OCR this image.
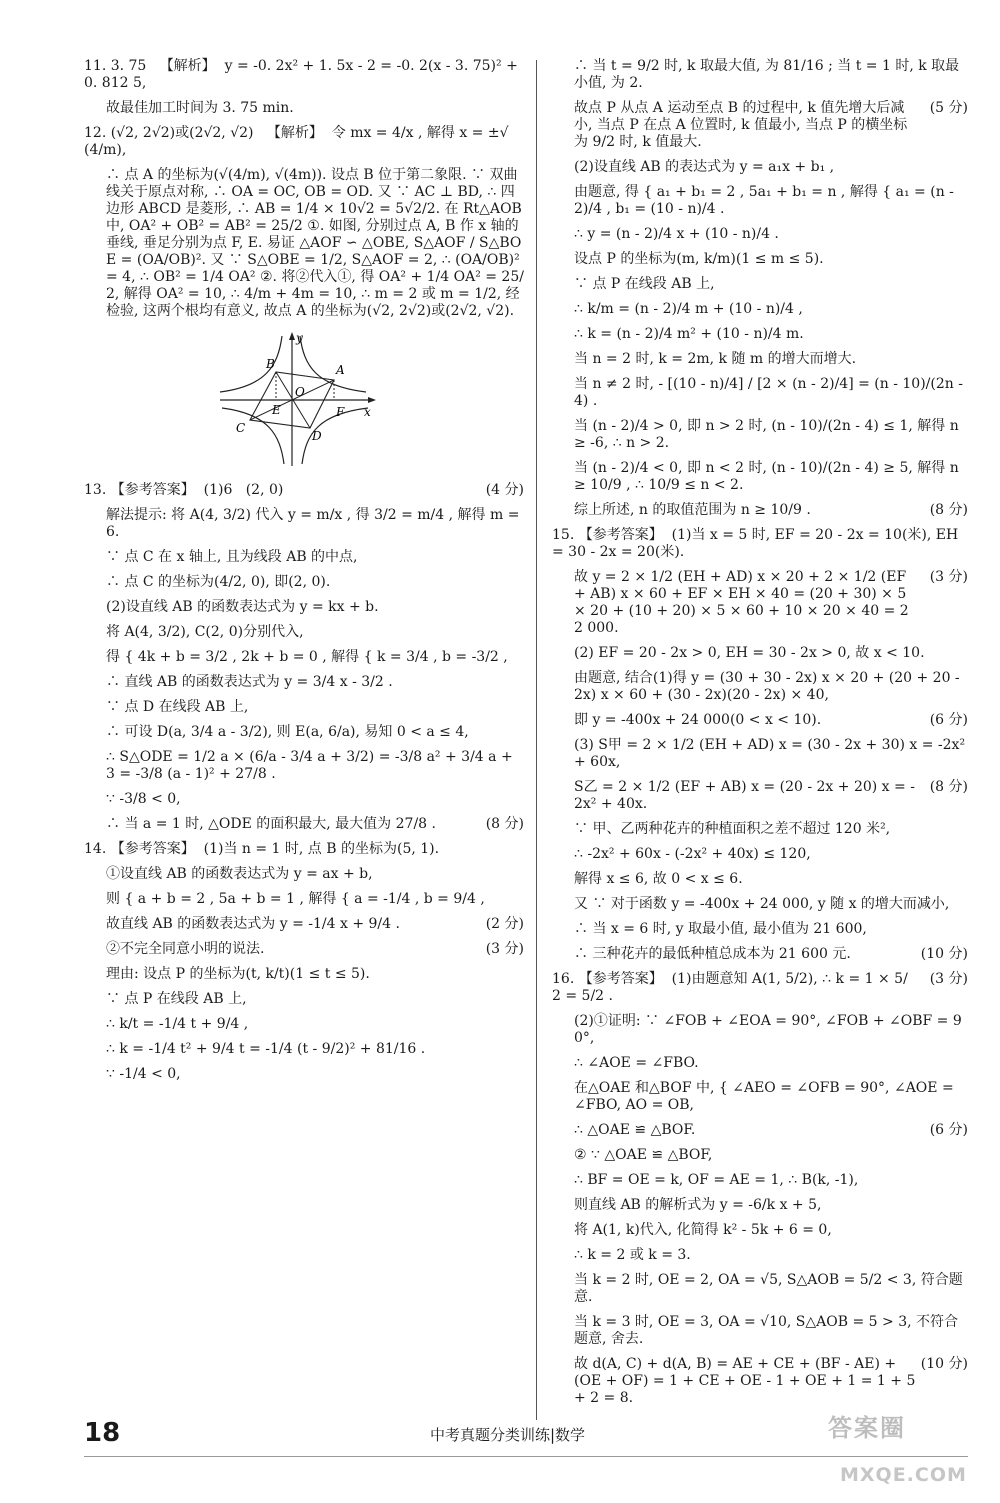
11. 3. 75   【解析】  y = -0. 2x² + 1. 5x - 2 = -0. 2(x - 3. 75)² + 0. 812 5,
故最佳加工时间为 3. 75 min.
12. (√2, 2√2)或(2√2, √2)   【解析】  令 mx = 4/x , 解得 x = ±√(4/m),
∴ 点 A 的坐标为(√(4/m), √(4m)). 设点 B 位于第二象限. ∵ 双曲线关于原点对称, ∴ OA = OC, OB = OD. 又 ∵ AC ⊥ BD, ∴ 四边形 ABCD 是菱形, ∴ AB = 1/4 × 10√2 = 5√2/2. 在 Rt△AOB 中, OA² + OB² = AB² = 25/2 ①. 如图, 分别过点 A, B 作 x 轴的垂线, 垂足分别为点 F, E. 易证 △AOF ∽ △OBE, S△AOF / S△BOE = (OA/OB)². 又 ∵ S△OBE = 1/2, S△AOF = 2, ∴ (OA/OB)² = 4, ∴ OB² = 1/4 OA² ②. 将②代入①, 得 OA² + 1/4 OA² = 25/2, 解得 OA² = 10, ∴ 4/m + 4m = 10, ∴ m = 2 或 m = 1/2, 经检验, 这两个根均有意义, 故点 A 的坐标为(√2, 2√2)或(2√2, √2).
y
x
B	A
O
E	F
C
D
13. 【参考答案】  (1)6   (2, 0)	(4 分)
解法提示: 将 A(4, 3/2) 代入 y = m/x , 得 3/2 = m/4 , 解得 m = 6.
∵ 点 C 在 x 轴上, 且为线段 AB 的中点,
∴ 点 C 的坐标为(4/2, 0), 即(2, 0).
(2)设直线 AB 的函数表达式为 y = kx + b.
将 A(4, 3/2), C(2, 0)分别代入,
得 { 4k + b = 3/2 , 2k + b = 0 , 解得 { k = 3/4 , b = -3/2 ,
∴ 直线 AB 的函数表达式为 y = 3/4 x - 3/2 .
∵ 点 D 在线段 AB 上,
∴ 可设 D(a, 3/4 a - 3/2), 则 E(a, 6/a), 易知 0 < a ≤ 4,
∴ S△ODE = 1/2 a × (6/a - 3/4 a + 3/2) = -3/8 a² + 3/4 a + 3 = -3/8 (a - 1)² + 27/8 .
∵ -3/8 < 0,
∴ 当 a = 1 时, △ODE 的面积最大, 最大值为 27/8 .	(8 分)
14. 【参考答案】  (1)当 n = 1 时, 点 B 的坐标为(5, 1).
①设直线 AB 的函数表达式为 y = ax + b,
则 { a + b = 2 , 5a + b = 1 , 解得 { a = -1/4 , b = 9/4 ,
故直线 AB 的函数表达式为 y = -1/4 x + 9/4 .	(2 分)
②不完全同意小明的说法.	(3 分)
理由: 设点 P 的坐标为(t, k/t)(1 ≤ t ≤ 5).
∵ 点 P 在线段 AB 上,
∴ k/t = -1/4 t + 9/4 ,
∴ k = -1/4 t² + 9/4 t = -1/4 (t - 9/2)² + 81/16 .
∵ -1/4 < 0,
∴ 当 t = 9/2 时, k 取最大值, 为 81/16 ; 当 t = 1 时, k 取最小值, 为 2.
故点 P 从点 A 运动至点 B 的过程中, k 值先增大后减小, 当点 P 在点 A 位置时, k 值最小, 当点 P 的横坐标为 9/2 时, k 值最大.
(5 分)
(2)设直线 AB 的表达式为 y = a₁x + b₁ ,
由题意, 得 { a₁ + b₁ = 2 , 5a₁ + b₁ = n , 解得 { a₁ = (n - 2)/4 , b₁ = (10 - n)/4 .
∴ y = (n - 2)/4 x + (10 - n)/4 .
设点 P 的坐标为(m, k/m)(1 ≤ m ≤ 5).
∵ 点 P 在线段 AB 上,
∴ k/m = (n - 2)/4 m + (10 - n)/4 ,
∴ k = (n - 2)/4 m² + (10 - n)/4 m.
当 n = 2 时, k = 2m, k 随 m 的增大而增大.
当 n ≠ 2 时, - [(10 - n)/4] / [2 × (n - 2)/4] = (n - 10)/(2n - 4) .
当 (n - 2)/4 > 0, 即 n > 2 时, (n - 10)/(2n - 4) ≤ 1, 解得 n ≥ -6, ∴ n > 2.
当 (n - 2)/4 < 0, 即 n < 2 时, (n - 10)/(2n - 4) ≥ 5, 解得 n ≥ 10/9 , ∴ 10/9 ≤ n < 2.
综上所述, n 的取值范围为 n ≥ 10/9 .	(8 分)
15. 【参考答案】  (1)当 x = 5 时, EF = 20 - 2x = 10(米), EH = 30 - 2x = 20(米).
故 y = 2 × 1/2 (EH + AD) x × 20 + 2 × 1/2 (EF + AB) x × 60 + EF × EH × 40 = (20 + 30) × 5 × 20 + (10 + 20) × 5 × 60 + 10 × 20 × 40 = 22 000.
(3 分)
(2) EF = 20 - 2x > 0, EH = 30 - 2x > 0, 故 x < 10.
由题意, 结合(1)得 y = (30 + 30 - 2x) x × 20 + (20 + 20 - 2x) x × 60 + (30 - 2x)(20 - 2x) × 40,
即 y = -400x + 24 000(0 < x < 10).	(6 分)
(3) S甲 = 2 × 1/2 (EH + AD) x = (30 - 2x + 30) x = -2x² + 60x,
S乙 = 2 × 1/2 (EF + AB) x = (20 - 2x + 20) x = -2x² + 40x.
(8 分)
∵ 甲、乙两种花卉的种植面积之差不超过 120 米²,
∴ -2x² + 60x - (-2x² + 40x) ≤ 120,
解得 x ≤ 6, 故 0 < x ≤ 6.
又 ∵ 对于函数 y = -400x + 24 000, y 随 x 的增大而减小,
∴ 当 x = 6 时, y 取最小值, 最小值为 21 600,
∴ 三种花卉的最低种植总成本为 21 600 元.	(10 分)
16. 【参考答案】  (1)由题意知 A(1, 5/2), ∴ k = 1 × 5/2 = 5/2 .
(3 分)
(2)①证明: ∵ ∠FOB + ∠EOA = 90°, ∠FOB + ∠OBF = 90°,
∴ ∠AOE = ∠FBO.
在△OAE 和△BOF 中, { ∠AEO = ∠OFB = 90°, ∠AOE = ∠FBO, AO = OB,
∴ △OAE ≌ △BOF.	(6 分)
② ∵ △OAE ≌ △BOF,
∴ BF = OE = k, OF = AE = 1, ∴ B(k, -1),
则直线 AB 的解析式为 y = -6/k x + 5,
将 A(1, k)代入, 化简得 k² - 5k + 6 = 0,
∴ k = 2 或 k = 3.
当 k = 2 时, OE = 2, OA = √5, S△AOB = 5/2 < 3, 符合题意.
当 k = 3 时, OE = 3, OA = √10, S△AOB = 5 > 3, 不符合题意, 舍去.
故 d(A, C) + d(A, B) = AE + CE + (BF - AE) + (OE + OF) = 1 + CE + OE - 1 + OE + 1 = 1 + 5 + 2 = 8.
(10 分)
18	中考真题分类训练|数学	答案圈
MXQE.COM
